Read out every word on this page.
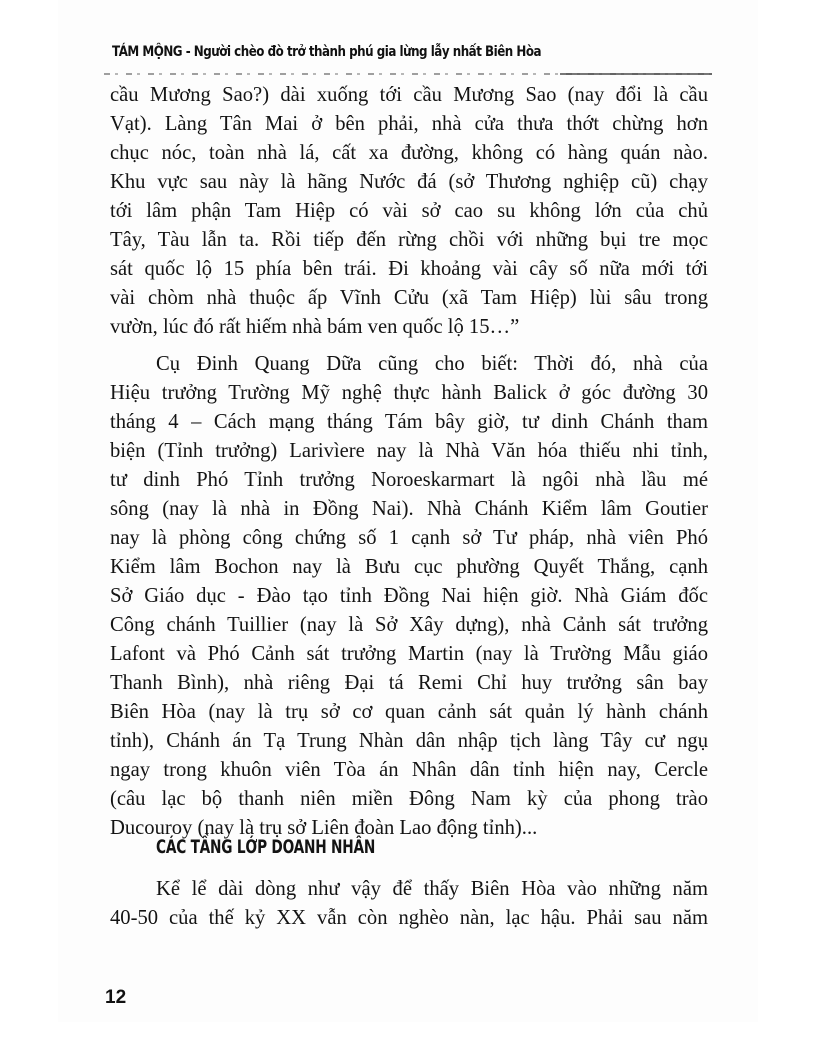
TÁM MỘNG - Người chèo đò trở thành phú gia lừng lẫy nhất Biên Hòa
cầu Mương Sao?) dài xuống tới cầu Mương Sao (nay đổi là cầu
Vạt). Làng Tân Mai ở bên phải, nhà cửa thưa thớt chừng hơn
chục nóc, toàn nhà lá, cất xa đường, không có hàng quán nào.
Khu vực sau này là hãng Nước đá (sở Thương nghiệp cũ) chạy
tới lâm phận Tam Hiệp có vài sở cao su không lớn của chủ
Tây, Tàu lẫn ta. Rồi tiếp đến rừng chồi với những bụi tre mọc
sát quốc lộ 15 phía bên trái. Đi khoảng vài cây số nữa mới tới
vài chòm nhà thuộc ấp Vĩnh Cửu (xã Tam Hiệp) lùi sâu trong
vườn, lúc đó rất hiếm nhà bám ven quốc lộ 15…”
Cụ Đinh Quang Dữa cũng cho biết: Thời đó, nhà của
Hiệu trưởng Trường Mỹ nghệ thực hành Balick ở góc đường 30
tháng 4 – Cách mạng tháng Tám bây giờ, tư dinh Chánh tham
biện (Tỉnh trưởng) Larivìere nay là Nhà Văn hóa thiếu nhi tỉnh,
tư dinh Phó Tỉnh trưởng Noroeskarmart là ngôi nhà lầu mé
sông (nay là nhà in Đồng Nai). Nhà Chánh Kiểm lâm Goutier
nay là phòng công chứng số 1 cạnh sở Tư pháp, nhà viên Phó
Kiểm lâm Bochon nay là Bưu cục phường Quyết Thắng, cạnh
Sở Giáo dục - Đào tạo tỉnh Đồng Nai hiện giờ. Nhà Giám đốc
Công chánh Tuillier (nay là Sở Xây dựng), nhà Cảnh sát trưởng
Lafont và Phó Cảnh sát trưởng Martin (nay là Trường Mẫu giáo
Thanh Bình), nhà riêng Đại tá Remi Chỉ huy trưởng sân bay
Biên Hòa (nay là trụ sở cơ quan cảnh sát quản lý hành chánh
tỉnh), Chánh án Tạ Trung Nhàn dân nhập tịch làng Tây cư ngụ
ngay trong khuôn viên Tòa án Nhân dân tỉnh hiện nay, Cercle
(câu lạc bộ thanh niên miền Đông Nam kỳ của phong trào
Ducouroy (nay là trụ sở Liên đoàn Lao động tỉnh)...
CÁC TẦNG LỚP DOANH NHÂN
Kể lể dài dòng như vậy để thấy Biên Hòa vào những năm
40-50 của thế kỷ XX vẫn còn nghèo nàn, lạc hậu. Phải sau năm
12
